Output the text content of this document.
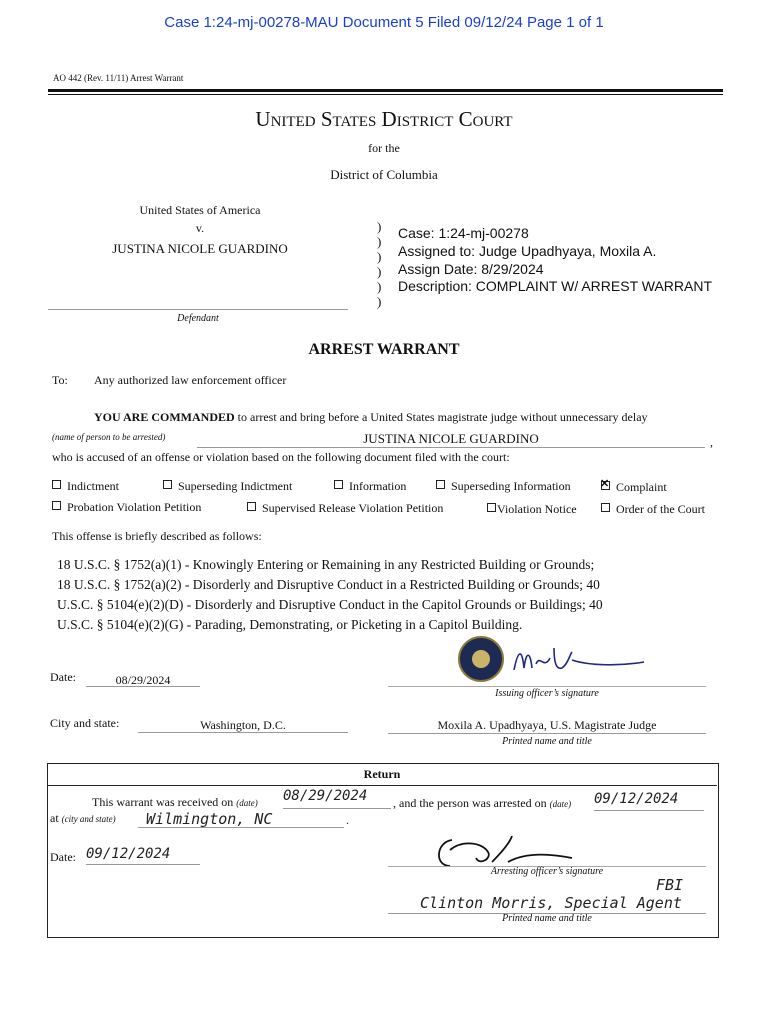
Case 1:24-mj-00278-MAU Document 5 Filed 09/12/24 Page 1 of 1
AO 442 (Rev. 11/11) Arrest Warrant
United States District Court
for the
District of Columbia
United States of America
v.
JUSTINA NICOLE GUARDINO
Defendant
)
)
)
)
)
)
Case: 1:24-mj-00278
Assigned to: Judge Upadhyaya, Moxila A.
Assign Date: 8/29/2024
Description: COMPLAINT W/ ARREST WARRANT
ARREST WARRANT
To: Any authorized law enforcement officer
YOU ARE COMMANDED to arrest and bring before a United States magistrate judge without unnecessary delay
(name of person to be arrested)	JUSTINA NICOLE GUARDINO	,
who is accused of an offense or violation based on the following document filed with the court:
Indictment	Superseding Indictment	Information	Superseding Information
✕	Complaint
Probation Violation Petition	Supervised Release Violation Petition	Violation Notice	Order of the Court
This offense is briefly described as follows:
18 U.S.C. § 1752(a)(1) - Knowingly Entering or Remaining in any Restricted Building or Grounds;
18 U.S.C. § 1752(a)(2) - Disorderly and Disruptive Conduct in a Restricted Building or Grounds; 40
U.S.C. § 5104(e)(2)(D) - Disorderly and Disruptive Conduct in the Capitol Grounds or Buildings; 40
U.S.C. § 5104(e)(2)(G) - Parading, Demonstrating, or Picketing in a Capitol Building.
Date:	08/29/2024
Issuing officer’s signature
City and state:	Washington, D.C.	Moxila A. Upadhyaya, U.S. Magistrate Judge
Printed name and title
Return
This warrant was received on (date) 08/29/2024	, and the person was arrested on (date) 09/12/2024
at (city and state) Wilmington, NC	.
Date: 09/12/2024
Arresting officer’s signature
FBI
Clinton Morris, Special Agent
Printed name and title
